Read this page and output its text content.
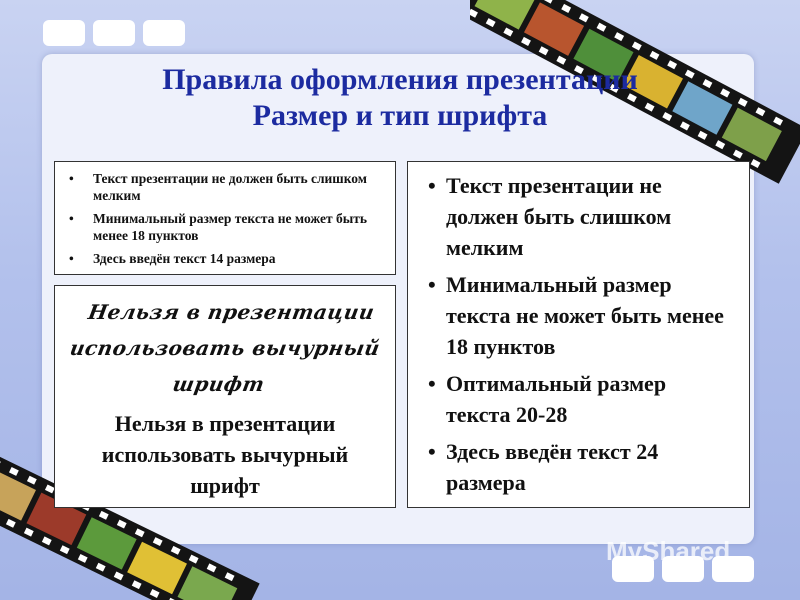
Правила оформления презентации
Размер и тип шрифта
• Текст презентации не должен быть слишком мелким
• Минимальный размер текста не может быть менее 18 пунктов
• Здесь введён текст 14 размера
Нельзя в презентации использовать вычурный шрифт
Нельзя в презентации использовать вычурный шрифт
• Текст презентации не должен быть слишком мелким
• Минимальный размер текста не может быть менее 18 пунктов
• Оптимальный размер текста 20-28
• Здесь введён текст 24 размера
MyShared
